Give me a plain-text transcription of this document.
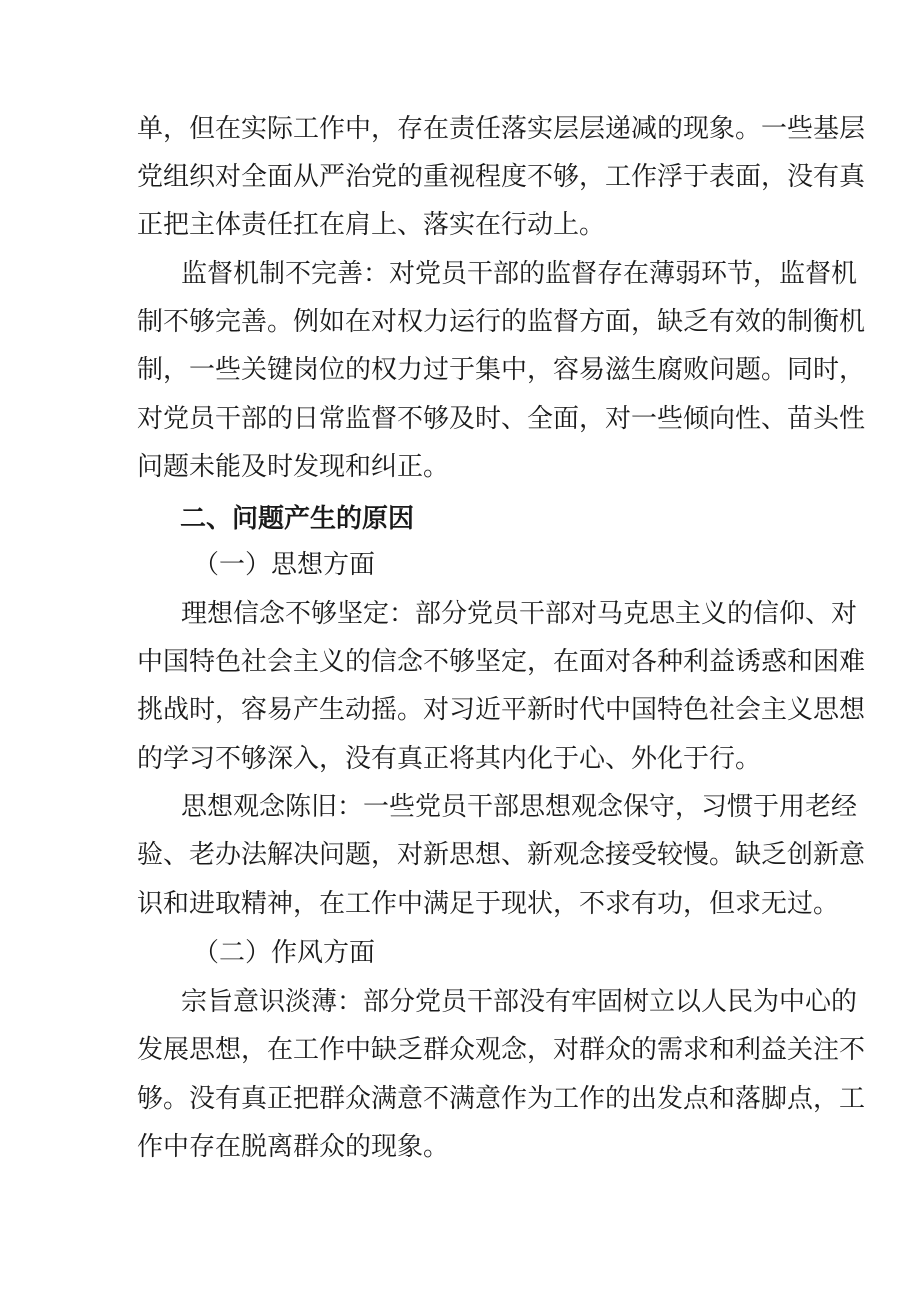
单，但在实际工作中，存在责任落实层层递减的现象。一些基层
党组织对全面从严治党的重视程度不够，工作浮于表面，没有真
正把主体责任扛在肩上、落实在行动上。
监督机制不完善：对党员干部的监督存在薄弱环节，监督机
制不够完善。例如在对权力运行的监督方面，缺乏有效的制衡机
制，一些关键岗位的权力过于集中，容易滋生腐败问题。同时，
对党员干部的日常监督不够及时、全面，对一些倾向性、苗头性
问题未能及时发现和纠正。
二、问题产生的原因
（一）思想方面
理想信念不够坚定：部分党员干部对马克思主义的信仰、对
中国特色社会主义的信念不够坚定，在面对各种利益诱惑和困难
挑战时，容易产生动摇。对习近平新时代中国特色社会主义思想
的学习不够深入，没有真正将其内化于心、外化于行。
思想观念陈旧：一些党员干部思想观念保守，习惯于用老经
验、老办法解决问题，对新思想、新观念接受较慢。缺乏创新意
识和进取精神，在工作中满足于现状，不求有功，但求无过。
（二）作风方面
宗旨意识淡薄：部分党员干部没有牢固树立以人民为中心的
发展思想，在工作中缺乏群众观念，对群众的需求和利益关注不
够。没有真正把群众满意不满意作为工作的出发点和落脚点，工
作中存在脱离群众的现象。
